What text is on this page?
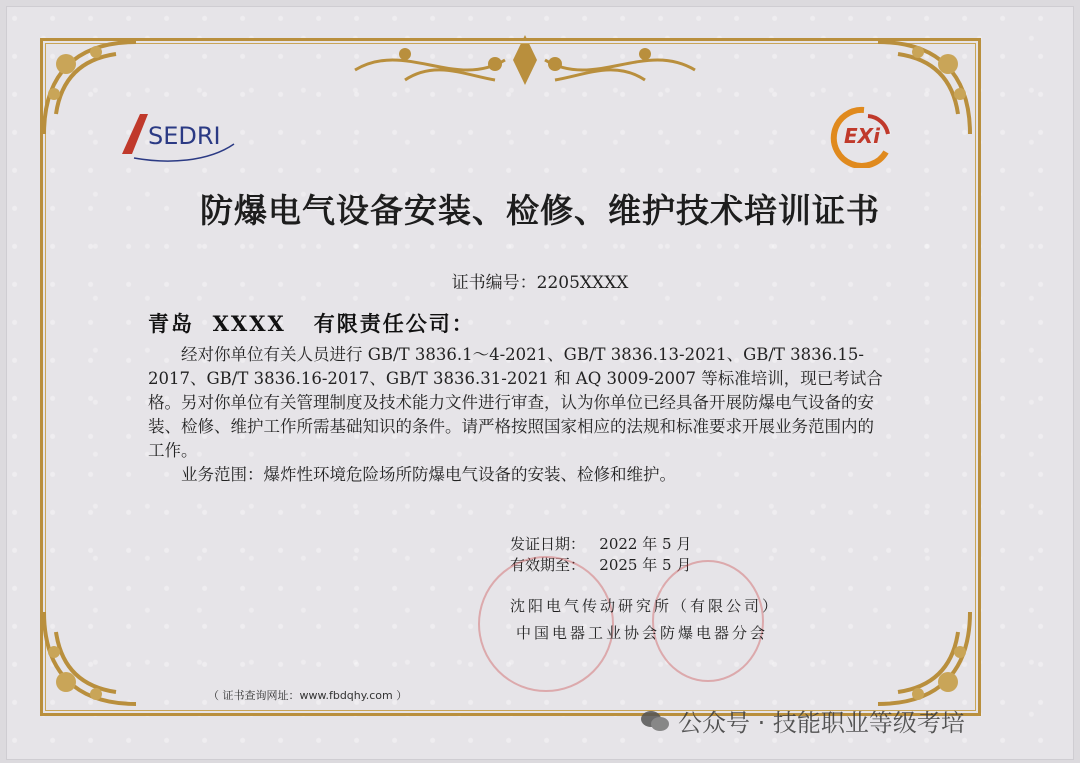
SEDRI	EXi
防爆电气设备安装、检修、维护技术培训证书
证书编号：2205XXXX
青岛  XXXX   有限责任公司：

经对你单位有关人员进行 GB/T 3836.1～4-2021、GB/T 3836.13-2021、GB/T 3836.15-2017、GB/T 3836.16-2017、GB/T 3836.31-2021 和 AQ 3009-2007 等标准培训，现已考试合格。另对你单位有关管理制度及技术能力文件进行审查，认为你单位已经具备开展防爆电气设备的安装、检修、维护工作所需基础知识的条件。请严格按照国家相应的法规和标准要求开展业务范围内的工作。

业务范围：爆炸性环境危险场所防爆电气设备的安装、检修和维护。

发证日期：   2022 年 5 月
有效期至：   2025 年 5 月
沈阳电气传动研究所（有限公司）
中国电器工业协会防爆电器分会
（ 证书查询网址：www.fbdqhy.com ）
公众号 · 技能职业等级考培
